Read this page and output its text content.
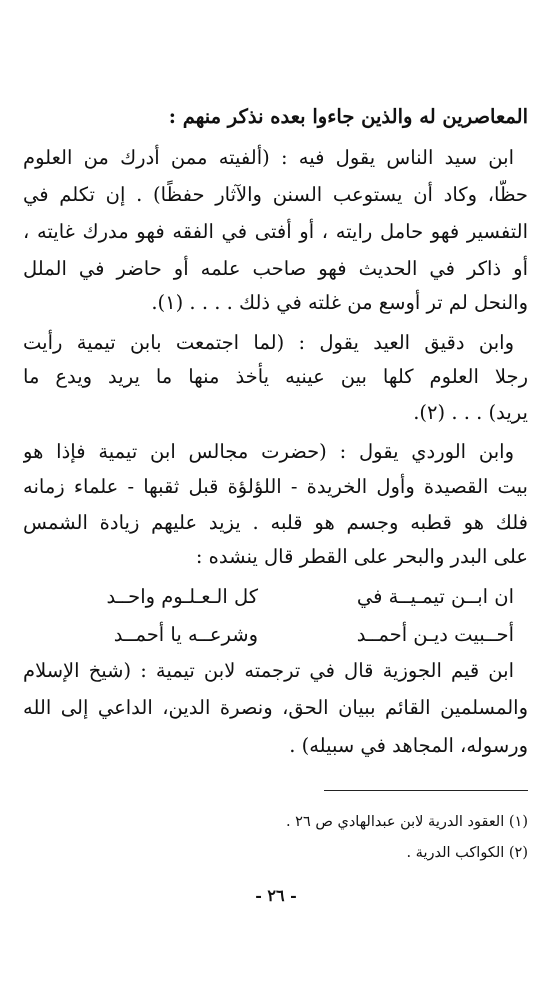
المعاصرين له والذين جاءوا بعده نذكر منهم :
ابن سيد الناس يقول فيه : (ألفيته ممن أدرك من العلوم
حظًّا، وكاد أن يستوعب السنن والآثار حفظًا) . إن تكلم في
التفسير فهو حامل رايته ، أو أفتى في الفقه فهو مدرك غايته ،
أو ذاكر في الحديث فهو صاحب علمه أو حاضر في الملل
والنحل لم تر أوسع من غلته في ذلك . . . . (١).
وابن دقيق العيد يقول : (لما اجتمعت بابن تيمية رأيت
رجلا العلوم كلها بين عينيه يأخذ منها ما يريد ويدع ما
يريد) . . . (٢).
وابن الوردي يقول : (حضرت مجالس ابن تيمية فإذا هو
بيت القصيدة وأول الخريدة - اللؤلؤة قبل ثقبها - علماء زمانه
فلك هو قطبه وجسم هو قلبه . يزيد عليهم زيادة الشمس
على البدر والبحر على القطر قال ينشده :
ان ابــن تيمـيــة في
كل الـعـلـوم واحــد
أحــبيت ديـن أحمــد
وشرعــه يا أحمــد
ابن قيم الجوزية قال في ترجمته لابن تيمية : (شيخ الإسلام
والمسلمين القائم ببيان الحق، ونصرة الدين، الداعي إلى الله
ورسوله، المجاهد في سبيله) .
(١) العقود الدرية لابن عبدالهادي ص ٢٦ .
(٢) الكواكب الدرية .
- ٢٦ -
